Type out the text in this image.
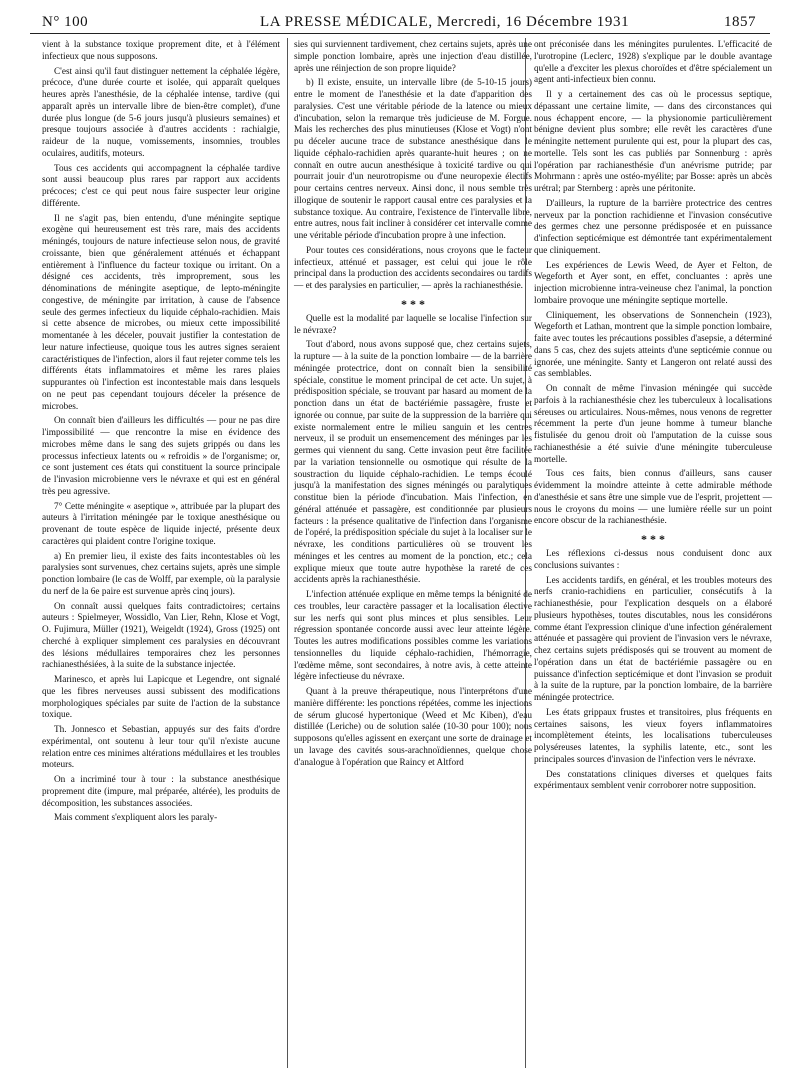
N° 100	LA PRESSE MÉDICALE, Mercredi, 16 Décembre 1931	1857

vient à la substance toxique proprement dite, et à l'élément infectieux que nous supposons.

C'est ainsi qu'il faut distinguer nettement la céphalée légère, précoce, d'une durée courte et isolée, qui apparaît quelques heures après l'anesthésie, de la céphalée intense, tardive (qui apparaît après un intervalle libre de bien-être complet), d'une durée plus longue (de 5-6 jours jusqu'à plusieurs semaines) et presque toujours associée à d'autres accidents : rachialgie, raideur de la nuque, vomissements, insomnies, troubles oculaires, auditifs, moteurs.

Tous ces accidents qui accompagnent la céphalée tardive sont aussi beaucoup plus rares par rapport aux accidents précoces; c'est ce qui peut nous faire suspecter leur origine différente.

Il ne s'agit pas, bien entendu, d'une méningite septique exogène qui heureusement est très rare, mais des accidents méningés, toujours de nature infectieuse selon nous, de gravité croissante, bien que généralement atténués et échappant entièrement à l'influence du facteur toxique ou irritant. On a désigné ces accidents, très improprement, sous les dénominations de méningite aseptique, de lepto-méningite congestive, de méningite par irritation, à cause de l'absence seule des germes infectieux du liquide céphalo-rachidien. Mais si cette absence de microbes, ou mieux cette impossibilité momentanée à les déceler, pouvait justifier la contestation de leur nature infectieuse, quoique tous les autres signes seraient caractéristiques de l'infection, alors il faut rejeter comme tels les différents états inflammatoires et même les rares plaies suppurantes où l'infection est incontestable mais dans lesquels on ne peut pas cependant toujours déceler la présence de microbes.

On connaît bien d'ailleurs les difficultés — pour ne pas dire l'impossibilité — que rencontre la mise en évidence des microbes même dans le sang des sujets grippés ou dans les processus infectieux latents ou « refroidis » de l'organisme; or, ce sont justement ces états qui constituent la source principale de l'invasion microbienne vers le névraxe et qui est en général très peu agressive.

7° Cette méningite « aseptique », attribuée par la plupart des auteurs à l'irritation méningée par le toxique anesthésique ou provenant de toute espèce de liquide injecté, présente deux caractères qui plaident contre l'origine toxique.

a) En premier lieu, il existe des faits incontestables où les paralysies sont survenues, chez certains sujets, après une simple ponction lombaire (le cas de Wolff, par exemple, où la paralysie du nerf de la 6e paire est survenue après cinq jours).

On connaît aussi quelques faits contradictoires; certains auteurs : Spielmeyer, Wossidlo, Van Lier, Rehn, Klose et Vogt, O. Fujimura, Müller (1921), Weigeldt (1924), Gross (1925) ont cherché à expliquer simplement ces paralysies en découvrant des lésions médullaires temporaires chez les personnes rachianesthésiées, à la suite de la substance injectée.

Marinesco, et après lui Lapicque et Legendre, ont signalé que les fibres nerveuses aussi subissent des modifications morphologiques spéciales par suite de l'action de la substance toxique.

Th. Jonnesco et Sebastian, appuyés sur des faits d'ordre expérimental, ont soutenu à leur tour qu'il n'existe aucune relation entre ces minimes altérations médullaires et les troubles moteurs.

On a incriminé tour à tour : la substance anesthésique proprement dite (impure, mal préparée, altérée), les produits de décomposition, les substances associées.

Mais comment s'expliquent alors les paraly-

sies qui surviennent tardivement, chez certains sujets, après une simple ponction lombaire, après une injection d'eau distillée, après une réinjection de son propre liquide?

b) Il existe, ensuite, un intervalle libre (de 5-10-15 jours) entre le moment de l'anesthésie et la date d'apparition des paralysies. C'est une véritable période de la latence ou mieux d'incubation, selon la remarque très judicieuse de M. Forgue. Mais les recherches des plus minutieuses (Klose et Vogt) n'ont pu déceler aucune trace de substance anesthésique dans le liquide céphalo-rachidien après quarante-huit heures ; on ne connaît en outre aucun anesthésique à toxicité tardive ou qui pourrait jouir d'un neurotropisme ou d'une neuropexie électifs pour certains centres nerveux. Ainsi donc, il nous semble très illogique de soutenir le rapport causal entre ces paralysies et la substance toxique. Au contraire, l'existence de l'intervalle libre, entre autres, nous fait incliner à considérer cet intervalle comme une véritable période d'incubation propre à une infection.

Pour toutes ces considérations, nous croyons que le facteur infectieux, atténué et passager, est celui qui joue le rôle principal dans la production des accidents secondaires ou tardifs — et des paralysies en particulier, — après la rachianesthésie.

* * *

Quelle est la modalité par laquelle se localise l'infection sur le névraxe?

Tout d'abord, nous avons supposé que, chez certains sujets, la rupture — à la suite de la ponction lombaire — de la barrière méningée protectrice, dont on connaît bien la sensibilité spéciale, constitue le moment principal de cet acte. Un sujet, à prédisposition spéciale, se trouvant par hasard au moment de la ponction dans un état de bactériémie passagère, fruste et ignorée ou connue, par suite de la suppression de la barrière qui existe normalement entre le milieu sanguin et les centres nerveux, il se produit un ensemencement des méninges par les germes qui viennent du sang. Cette invasion peut être facilitée par la variation tensionnelle ou osmotique qui résulte de la soustraction du liquide céphalo-rachidien. Le temps écoulé jusqu'à la manifestation des signes méningés ou paralytiques constitue bien la période d'incubation. Mais l'infection, en général atténuée et passagère, est conditionnée par plusieurs facteurs : la présence qualitative de l'infection dans l'organisme de l'opéré, la prédisposition spéciale du sujet à la localiser sur le névraxe, les conditions particulières où se trouvent les méninges et les centres au moment de la ponction, etc.; cela explique mieux que toute autre hypothèse la rareté de ces accidents après la rachianesthésie.

L'infection atténuée explique en même temps la bénignité de ces troubles, leur caractère passager et la localisation élective sur les nerfs qui sont plus minces et plus sensibles. Leur régression spontanée concorde aussi avec leur atteinte légère. Toutes les autres modifications possibles comme les variations tensionnelles du liquide céphalo-rachidien, l'hémorragie, l'œdème même, sont secondaires, à notre avis, à cette atteinte légère infectieuse du névraxe.

Quant à la preuve thérapeutique, nous l'interprétons d'une manière différente: les ponctions répétées, comme les injections de sérum glucosé hypertonique (Weed et Mc Kiben), d'eau distillée (Leriche) ou de solution salée (10-30 pour 100); nous supposons qu'elles agissent en exerçant une sorte de drainage et un lavage des cavités sous-arachnoïdiennes, quelque chose d'analogue à l'opération que Raincy et Altford

ont préconisée dans les méningites purulentes. L'efficacité de l'urotropine (Leclerc, 1928) s'explique par le double avantage qu'elle a d'exciter les plexus choroïdes et d'être spécialement un agent anti-infectieux bien connu.

Il y a certainement des cas où le processus septique, dépassant une certaine limite, — dans des circonstances qui nous échappent encore, — la physionomie particulièrement bénigne devient plus sombre; elle revêt les caractères d'une méningite nettement purulente qui est, pour la plupart des cas, mortelle. Tels sont les cas publiés par Sonnenburg : après l'opération par rachianesthésie d'un anévrisme putride; par Mohrmann : après une ostéo-myélite; par Bosse: après un abcès urétral; par Sternberg : après une péritonite.

D'ailleurs, la rupture de la barrière protectrice des centres nerveux par la ponction rachidienne et l'invasion consécutive des germes chez une personne prédisposée et en puissance d'infection septicémique est démontrée tant expérimentalement que cliniquement.

Les expériences de Lewis Weed, de Ayer et Felton, de Wegeforth et Ayer sont, en effet, concluantes : après une injection microbienne intra-veineuse chez l'animal, la ponction lombaire provoque une méningite septique mortelle.

Cliniquement, les observations de Sonnenchein (1923), Wegeforth et Lathan, montrent que la simple ponction lombaire, faite avec toutes les précautions possibles d'asepsie, a déterminé dans 5 cas, chez des sujets atteints d'une septicémie connue ou ignorée, une méningite. Santy et Langeron ont relaté aussi des cas semblables.

On connaît de même l'invasion méningée qui succède parfois à la rachianesthésie chez les tuberculeux à localisations séreuses ou articulaires. Nous-mêmes, nous venons de regretter récemment la perte d'un jeune homme à tumeur blanche fistulisée du genou droit où l'amputation de la cuisse sous rachianesthésie a été suivie d'une méningite tuberculeuse mortelle.

Tous ces faits, bien connus d'ailleurs, sans causer évidemment la moindre atteinte à cette admirable méthode d'anesthésie et sans être une simple vue de l'esprit, projettent — nous le croyons du moins — une lumière réelle sur un point encore obscur de la rachianesthésie.

* * *

Les réflexions ci-dessus nous conduisent donc aux conclusions suivantes :

Les accidents tardifs, en général, et les troubles moteurs des nerfs cranio-rachidiens en particulier, consécutifs à la rachianesthésie, pour l'explication desquels on a élaboré plusieurs hypothèses, toutes discutables, nous les considérons comme étant l'expression clinique d'une infection généralement atténuée et passagère qui provient de l'invasion vers le névraxe, chez certains sujets prédisposés qui se trouvent au moment de l'opération dans un état de bactériémie passagère ou en puissance d'infection septicémique et dont l'invasion se produit à la suite de la rupture, par la ponction lombaire, de la barrière méningée protectrice.

Les états grippaux frustes et transitoires, plus fréquents en certaines saisons, les vieux foyers inflammatoires incomplètement éteints, les localisations tuberculeuses polyséreuses latentes, la syphilis latente, etc., sont les principales sources d'invasion de l'infection vers le névraxe.

Des constatations cliniques diverses et quelques faits expérimentaux semblent venir corroborer notre supposition.
